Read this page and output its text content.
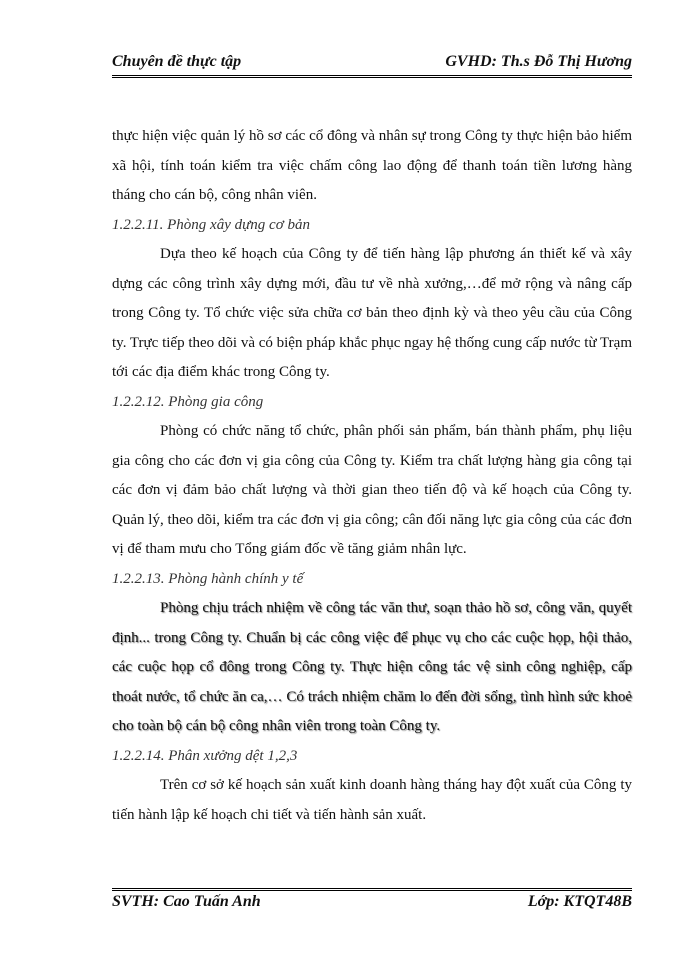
Chuyên đề thực tập	GVHD: Th.s Đỗ Thị Hương

thực hiện việc quản lý hồ sơ các cổ đông và nhân sự trong Công ty thực hiện bảo hiểm xã hội, tính toán kiểm tra việc chấm công lao động để thanh toán tiền lương hàng tháng cho cán bộ, công nhân viên.

1.2.2.11. Phòng xây dựng cơ bản

Dựa theo kế hoạch của Công ty để tiến hàng lập phương án thiết kế và xây dựng các công trình xây dựng mới, đầu tư về nhà xưởng,…để mở rộng và nâng cấp trong Công ty. Tổ chức việc sửa chữa cơ bản theo định kỳ và theo yêu cầu của Công ty. Trực tiếp theo dõi và có biện pháp khắc phục ngay hệ thống cung cấp nước từ Trạm tới các địa điểm khác trong Công ty.

1.2.2.12. Phòng gia công

Phòng có chức năng tổ chức, phân phối sản phẩm, bán thành phẩm, phụ liệu gia công cho các đơn vị gia công của Công ty. Kiểm tra chất lượng hàng gia công tại các đơn vị đảm bảo chất lượng và thời gian theo tiến độ và kế hoạch của Công ty. Quản lý, theo dõi, kiểm tra các đơn vị gia công; cân đối năng lực gia công của các đơn vị để tham mưu cho Tổng giám đốc về tăng giảm nhân lực.

1.2.2.13. Phòng hành chính y tế

Phòng chịu trách nhiệm về công tác văn thư, soạn thảo hồ sơ, công văn, quyết định... trong Công ty. Chuẩn bị các công việc để phục vụ cho các cuộc họp, hội thảo, các cuộc họp cổ đông trong Công ty. Thực hiện công tác vệ sinh công nghiệp, cấp thoát nước, tổ chức ăn ca,… Có trách nhiệm chăm lo đến đời sống, tình hình sức khoẻ cho toàn bộ cán bộ công nhân viên trong toàn Công ty.

1.2.2.14. Phân xưởng dệt 1,2,3

Trên cơ sở kế hoạch sản xuất kinh doanh hàng tháng hay đột xuất của Công ty tiến hành lập kế hoạch chi tiết và tiến hành sản xuất.

SVTH: Cao Tuấn Anh	Lớp: KTQT48B
